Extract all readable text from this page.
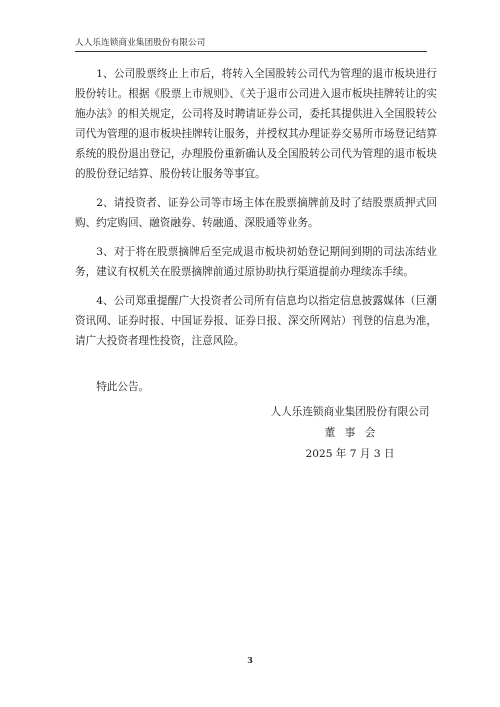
人人乐连锁商业集团股份有限公司

1、公司股票终止上市后，将转入全国股转公司代为管理的退市板块进行股份转让。根据《股票上市规则》、《关于退市公司进入退市板块挂牌转让的实施办法》的相关规定，公司将及时聘请证券公司，委托其提供进入全国股转公司代为管理的退市板块挂牌转让服务，并授权其办理证券交易所市场登记结算系统的股份退出登记，办理股份重新确认及全国股转公司代为管理的退市板块的股份登记结算、股份转让服务等事宜。

2、请投资者、证券公司等市场主体在股票摘牌前及时了结股票质押式回购、约定购回、融资融券、转融通、深股通等业务。

3、对于将在股票摘牌后至完成退市板块初始登记期间到期的司法冻结业务，建议有权机关在股票摘牌前通过原协助执行渠道提前办理续冻手续。

4、公司郑重提醒广大投资者公司所有信息均以指定信息披露媒体（巨潮资讯网、证券时报、中国证券报、证券日报、深交所网站）刊登的信息为准，请广大投资者理性投资，注意风险。

特此公告。

人人乐连锁商业集团股份有限公司
董事会
2025 年 7 月 3 日
3
